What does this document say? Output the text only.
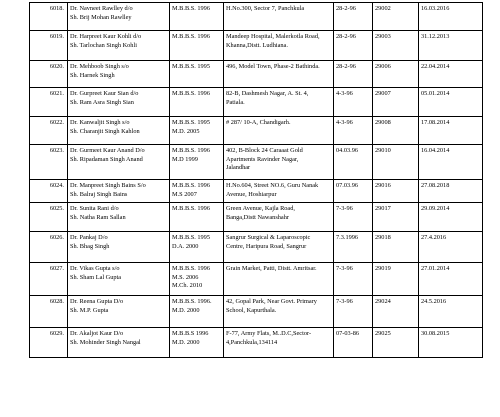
6018.	Dr. Navneet Rawlley d/o
Sh. Brij Mohan Rawlley	M.B.B.S. 1996	H.No.300, Sector 7, Panchkula	28-2-96	29002	16.03.2016
6019.	Dr. Harpreet Kaur Kohli d/o
Sh. Tarlochan Singh Kohli	M.B.B.S. 1996	Mandeep Hospital, Malerkotla Road,
Khanna,Distt. Ludhiana.	28-2-96	29003	31.12.2013
6020.	Dr. Mehboob Singh s/o
Sh. Harnek Singh	M.B.B.S. 1995	496, Model Town, Phase-2 Bathinda.	28-2-96	29006	22.04.2014
6021.	Dr. Gurpreet Kaur Sian d/o
Sh. Ram Asra Singh Sian	M.B.B.S. 1996	82-B, Dashmesh Nagar, A. St. 4,
Patiala.	4-3-96	29007	05.01.2014
6022.	Dr. Kanwaljit Singh s/o
Sh. Charanjit Singh Kahlon	M.B.B.S. 1995
M.D. 2005	# 287/ 10-A, Chandigarh.	4-3-96	29008	17.08.2014
6023.	Dr. Gurmeet Kaur Anand D/o
Sh. Ripadaman Singh Anand	M.B.B.S. 1996
M.D 1999	402, B-Block 24 Caraaat Gold
Apartments Ravinder Nagar,
Jalandhar	04.03.96	29010	16.04.2014
6024.	Dr. Manpreet Singh Bains S/o
Sh. Balraj Singh Bains	M.B.B.S. 1996
M.S 2007	H.No.604, Street NO.6, Guru Nanak
Avenue, Hoshiarpur	07.03.96	29016	27.08.2018
6025.	Dr. Sunita Rani d/o
Sh. Natha Ram Sallan	M.B.B.S. 1996	Green Avenue, Kajla Road,
Banga,Distt Nawanshahr	7-3-96	29017	29.09.2014
6026.	Dr. Pankaj D/o
Sh. Bhag Singh	M.B.B.S. 1995
D.A. 2000	Sangrur Surgical & Laparoscopic
Centre, Haripura Road, Sangrur	7.3.1996	29018	27.4.2016
6027.	Dr. Vikas Gupta s/o
Sh. Sham Lal Gupta	M.B.B.S. 1996
M.S. 2006
M.Ch. 2010	Grain Market, Patti, Distt. Amritsar.	7-3-96	29019	27.01.2014
6028.	Dr. Reena Gupta D/o
Sh. M.P. Gupta	M.B.B.S. 1996.
M.D. 2000	42, Gopal Park, Near Govt. Primary
School, Kapurthala.	7-3-96	29024	24.5.2016
6029.	Dr. Akaljot Kaur D/o
Sh. Mohinder Singh Nangal	M.B.B.S 1996
M.D. 2000	F-77, Army Flats, M..D.C,Sector-
4,Panchkula,134114	07-03-86	29025	30.08.2015
